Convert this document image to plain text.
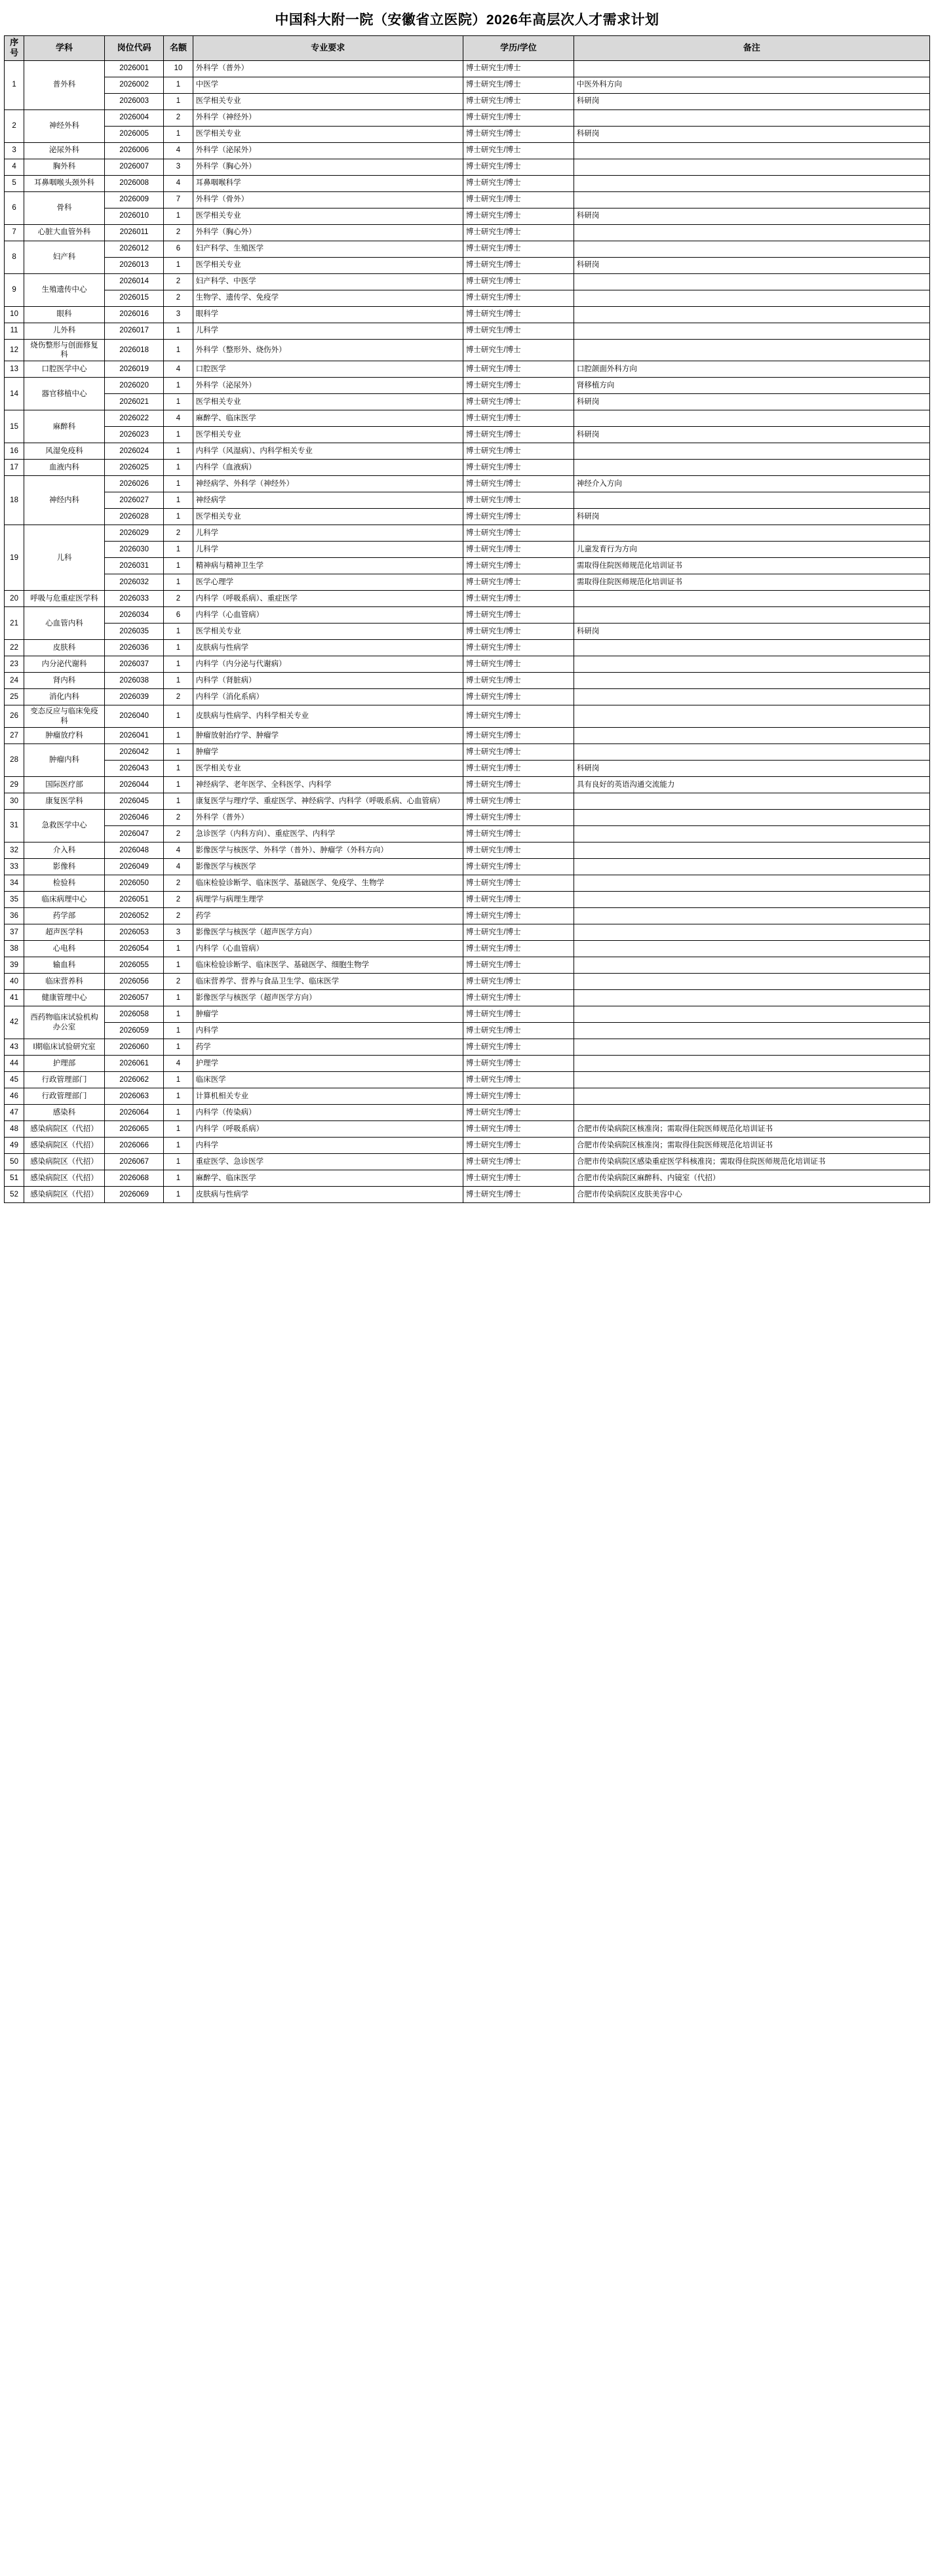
中国科大附一院（安徽省立医院）2026年高层次人才需求计划
序号	学科	岗位代码	名额	专业要求	学历/学位	备注
1	普外科	2026001	10	外科学（普外）	博士研究生/博士	
		2026002	1	中医学	博士研究生/博士	中医外科方向
		2026003	1	医学相关专业	博士研究生/博士	科研岗
2	神经外科	2026004	2	外科学（神经外）	博士研究生/博士	
		2026005	1	医学相关专业	博士研究生/博士	科研岗
3	泌尿外科	2026006	4	外科学（泌尿外）	博士研究生/博士	
4	胸外科	2026007	3	外科学（胸心外）	博士研究生/博士	
5	耳鼻咽喉头颈外科	2026008	4	耳鼻咽喉科学	博士研究生/博士	
6	骨科	2026009	7	外科学（骨外）	博士研究生/博士	
		2026010	1	医学相关专业	博士研究生/博士	科研岗
7	心脏大血管外科	2026011	2	外科学（胸心外）	博士研究生/博士	
8	妇产科	2026012	6	妇产科学、生殖医学	博士研究生/博士	
		2026013	1	医学相关专业	博士研究生/博士	科研岗
9	生殖遗传中心	2026014	2	妇产科学、中医学	博士研究生/博士	
		2026015	2	生物学、遗传学、免疫学	博士研究生/博士	
10	眼科	2026016	3	眼科学	博士研究生/博士	
11	儿外科	2026017	1	儿科学	博士研究生/博士	
12	烧伤整形与创面修复科	2026018	1	外科学（整形外、烧伤外）	博士研究生/博士	
13	口腔医学中心	2026019	4	口腔医学	博士研究生/博士	口腔颌面外科方向
14	器官移植中心	2026020	1	外科学（泌尿外）	博士研究生/博士	肾移植方向
		2026021	1	医学相关专业	博士研究生/博士	科研岗
15	麻醉科	2026022	4	麻醉学、临床医学	博士研究生/博士	
		2026023	1	医学相关专业	博士研究生/博士	科研岗
16	风湿免疫科	2026024	1	内科学（风湿病）、内科学相关专业	博士研究生/博士	
17	血液内科	2026025	1	内科学（血液病）	博士研究生/博士	
18	神经内科	2026026	1	神经病学、外科学（神经外）	博士研究生/博士	神经介入方向
		2026027	1	神经病学	博士研究生/博士	
		2026028	1	医学相关专业	博士研究生/博士	科研岗
19	儿科	2026029	2	儿科学	博士研究生/博士	
		2026030	1	儿科学	博士研究生/博士	儿童发育行为方向
		2026031	1	精神病与精神卫生学	博士研究生/博士	需取得住院医师规范化培训证书
		2026032	1	医学心理学	博士研究生/博士	需取得住院医师规范化培训证书
20	呼吸与危重症医学科	2026033	2	内科学（呼吸系病）、重症医学	博士研究生/博士	
21	心血管内科	2026034	6	内科学（心血管病）	博士研究生/博士	
		2026035	1	医学相关专业	博士研究生/博士	科研岗
22	皮肤科	2026036	1	皮肤病与性病学	博士研究生/博士	
23	内分泌代谢科	2026037	1	内科学（内分泌与代谢病）	博士研究生/博士	
24	肾内科	2026038	1	内科学（肾脏病）	博士研究生/博士	
25	消化内科	2026039	2	内科学（消化系病）	博士研究生/博士	
26	变态反应与临床免疫科	2026040	1	皮肤病与性病学、内科学相关专业	博士研究生/博士	
27	肿瘤放疗科	2026041	1	肿瘤放射治疗学、肿瘤学	博士研究生/博士	
28	肿瘤内科	2026042	1	肿瘤学	博士研究生/博士	
		2026043	1	医学相关专业	博士研究生/博士	科研岗
29	国际医疗部	2026044	1	神经病学、老年医学、全科医学、内科学	博士研究生/博士	具有良好的英语沟通交流能力
30	康复医学科	2026045	1	康复医学与理疗学、重症医学、神经病学、内科学（呼吸系病、心血管病）	博士研究生/博士	
31	急救医学中心	2026046	2	外科学（普外）	博士研究生/博士	
		2026047	2	急诊医学（内科方向）、重症医学、内科学	博士研究生/博士	
32	介入科	2026048	4	影像医学与核医学、外科学（普外）、肿瘤学（外科方向）	博士研究生/博士	
33	影像科	2026049	4	影像医学与核医学	博士研究生/博士	
34	检验科	2026050	2	临床检验诊断学、临床医学、基础医学、免疫学、生物学	博士研究生/博士	
35	临床病理中心	2026051	2	病理学与病理生理学	博士研究生/博士	
36	药学部	2026052	2	药学	博士研究生/博士	
37	超声医学科	2026053	3	影像医学与核医学（超声医学方向）	博士研究生/博士	
38	心电科	2026054	1	内科学（心血管病）	博士研究生/博士	
39	输血科	2026055	1	临床检验诊断学、临床医学、基础医学、细胞生物学	博士研究生/博士	
40	临床营养科	2026056	2	临床营养学、营养与食品卫生学、临床医学	博士研究生/博士	
41	健康管理中心	2026057	1	影像医学与核医学（超声医学方向）	博士研究生/博士	
42	西药物临床试验机构办公室	2026058	1	肿瘤学	博士研究生/博士	
		2026059	1	内科学	博士研究生/博士	
43	I期临床试验研究室	2026060	1	药学	博士研究生/博士	
44	护理部	2026061	4	护理学	博士研究生/博士	
45	行政管理部门	2026062	1	临床医学	博士研究生/博士	
46	行政管理部门	2026063	1	计算机相关专业	博士研究生/博士	
47	感染科	2026064	1	内科学（传染病）	博士研究生/博士	
48	感染病院区（代招）	2026065	1	内科学（呼吸系病）	博士研究生/博士	合肥市传染病院区核准岗；需取得住院医师规范化培训证书
49	感染病院区（代招）	2026066	1	内科学	博士研究生/博士	合肥市传染病院区核准岗；需取得住院医师规范化培训证书
50	感染病院区（代招）	2026067	1	重症医学、急诊医学	博士研究生/博士	合肥市传染病院区感染重症医学科核准岗；需取得住院医师规范化培训证书
51	感染病院区（代招）	2026068	1	麻醉学、临床医学	博士研究生/博士	合肥市传染病院区麻醉科、内镜室（代招）
52	感染病院区（代招）	2026069	1	皮肤病与性病学	博士研究生/博士	合肥市传染病院区皮肤美容中心
